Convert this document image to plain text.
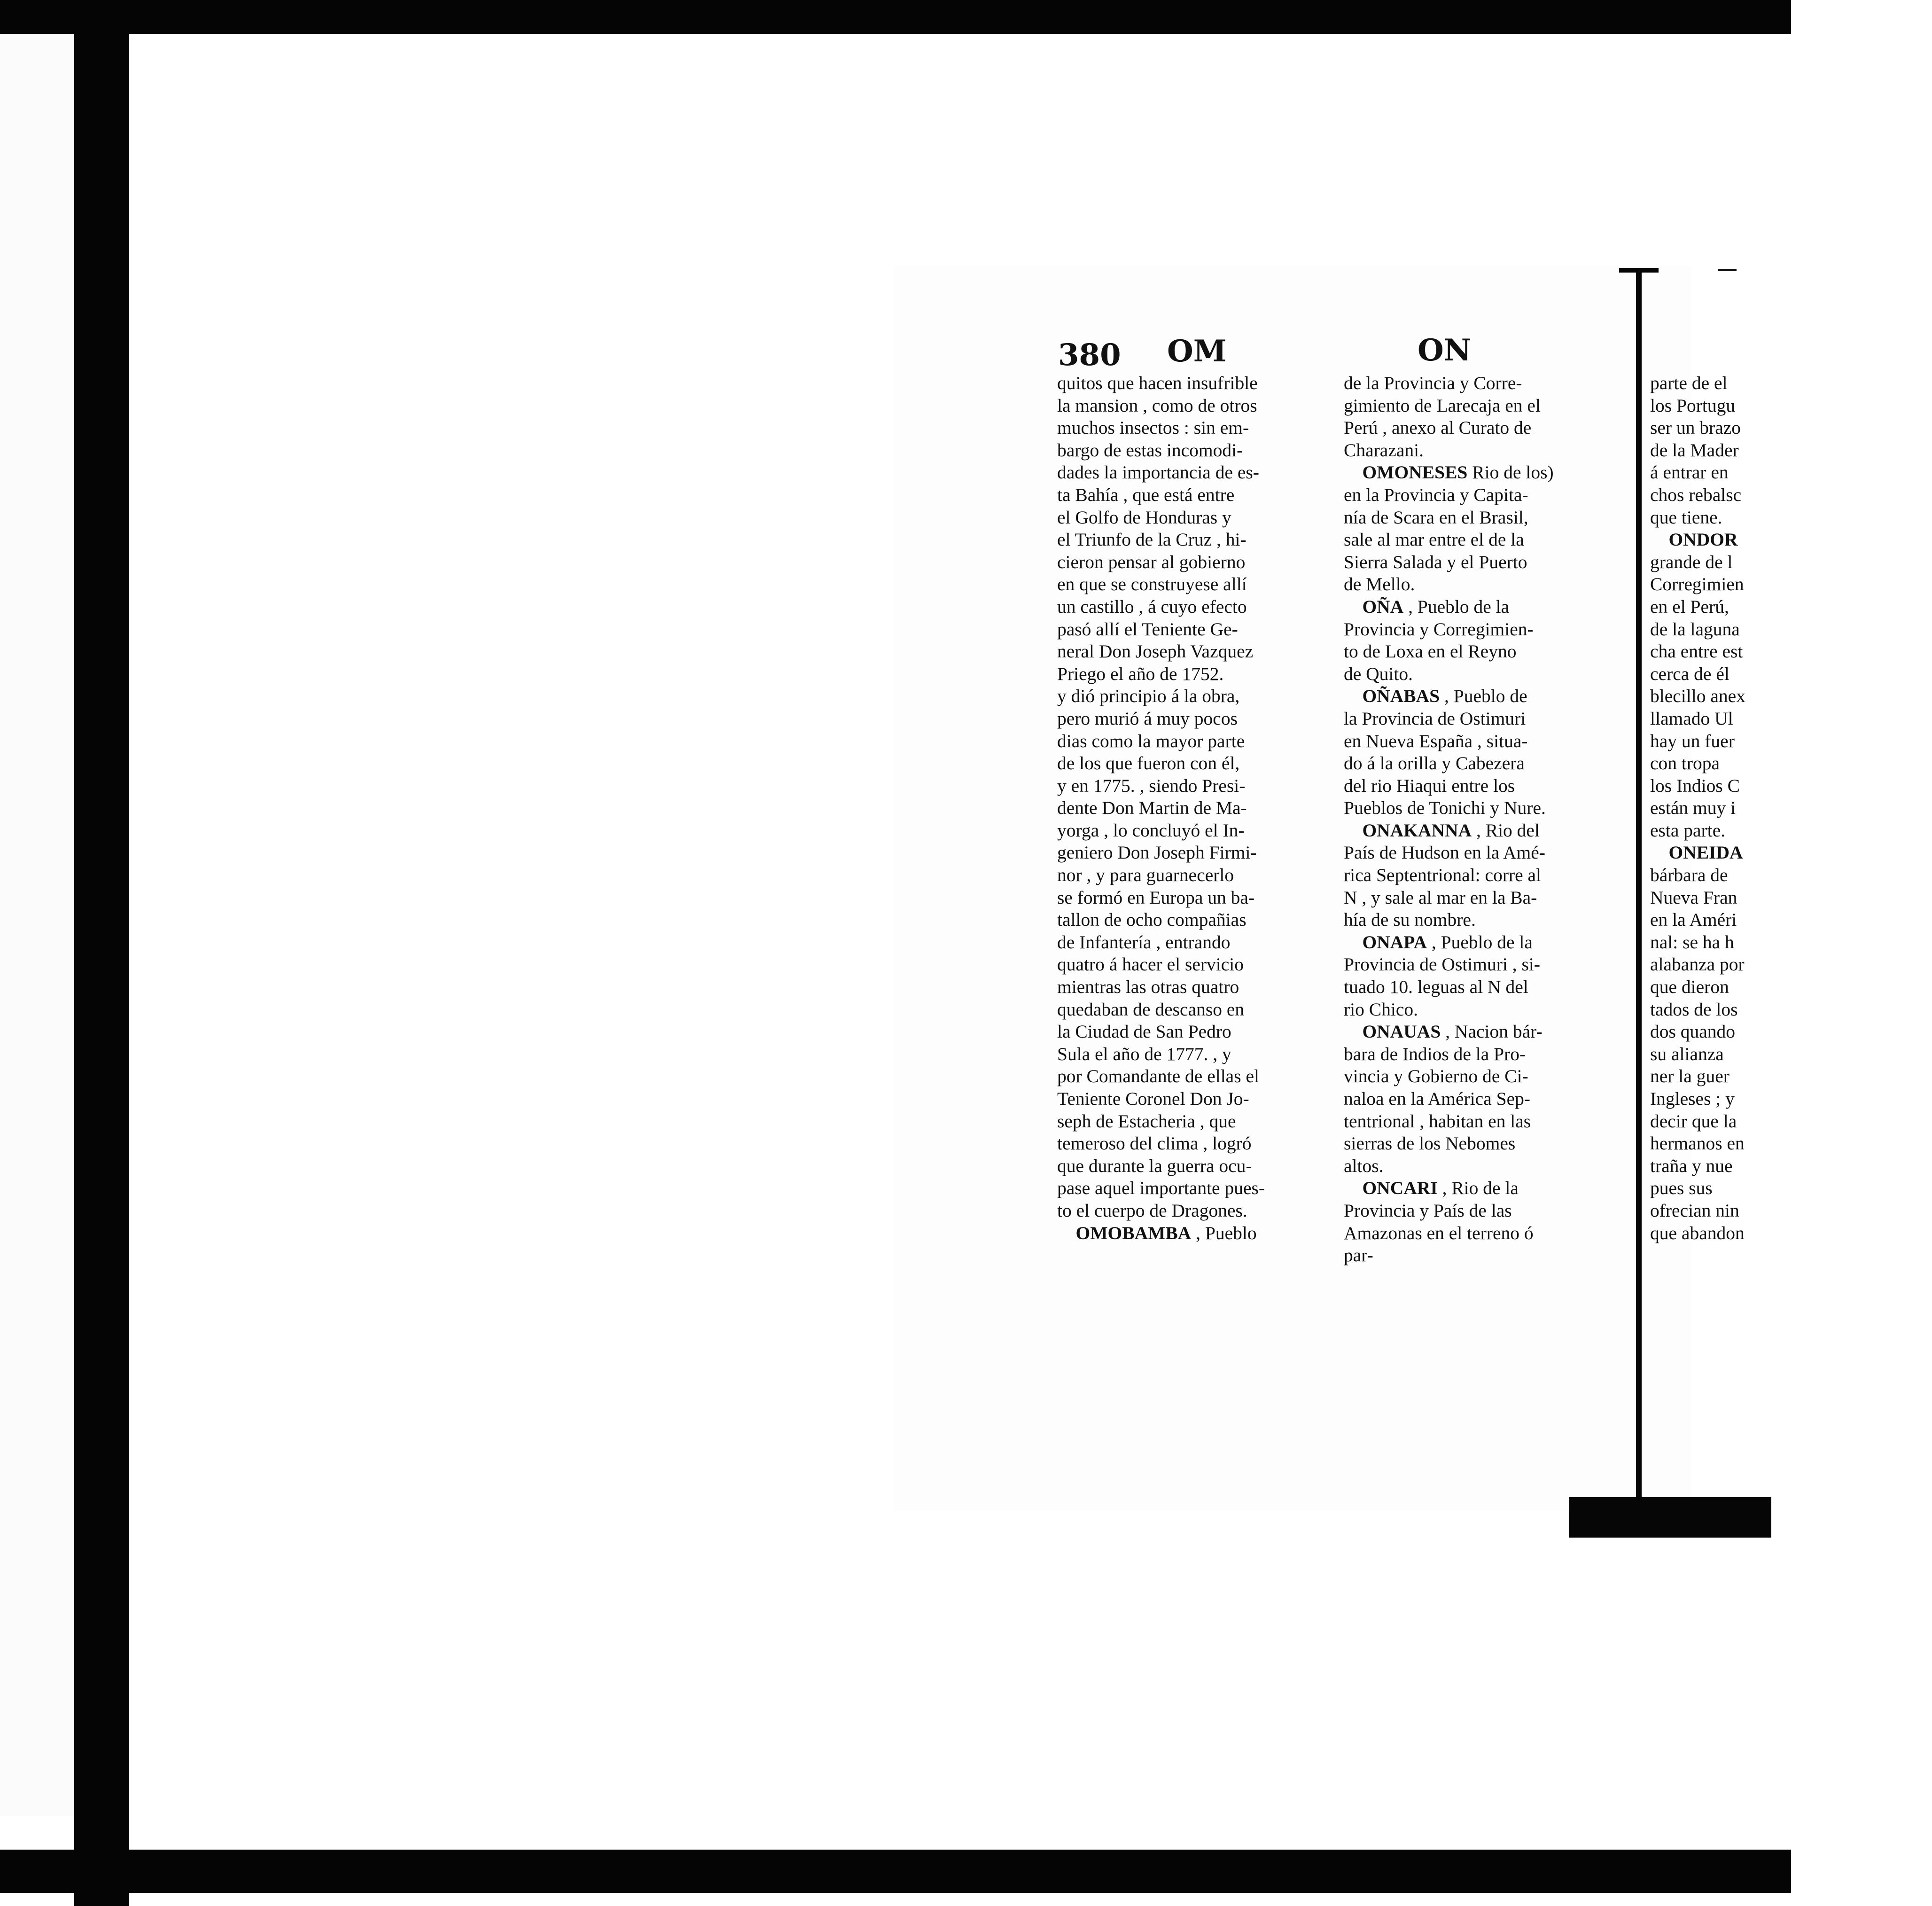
380 OM	ON

quitos que hacen insufrible
la mansion , como de otros
muchos insectos : sin em-
bargo de estas incomodi-
dades la importancia de es-
ta Bahía , que está entre
el Golfo de Honduras y
el Triunfo de la Cruz , hi-
cieron pensar al gobierno
en que se construyese allí
un castillo , á cuyo efecto
pasó allí el Teniente Ge-
neral Don Joseph Vazquez
Priego el año de 1752.
y dió principio á la obra,
pero murió á muy pocos
dias como la mayor parte
de los que fueron con él,
y en 1775. , siendo Presi-
dente Don Martin de Ma-
yorga , lo concluyó el In-
geniero Don Joseph Firmi-
nor , y para guarnecerlo
se formó en Europa un ba-
tallon de ocho compañias
de Infantería , entrando
quatro á hacer el servicio
mientras las otras quatro
quedaban de descanso en
la Ciudad de San Pedro
Sula el año de 1777. , y
por Comandante de ellas el
Teniente Coronel Don Jo-
seph de Estacheria , que
temeroso del clima , logró
que durante la guerra ocu-
pase aquel importante pues-
to el cuerpo de Dragones.

 OMOBAMBA , Pueblo

de la Provincia y Corre-
gimiento de Larecaja en el
Perú , anexo al Curato de
Charazani.

 OMONESES Rio de los)
en la Provincia y Capita-
nía de Scara en el Brasil,
sale al mar entre el de la
Sierra Salada y el Puerto
de Mello.

 OÑA , Pueblo de la
Provincia y Corregimien-
to de Loxa en el Reyno
de Quito.

 OÑABAS , Pueblo de
la Provincia de Ostimuri
en Nueva España , situa-
do á la orilla y Cabezera
del rio Hiaqui entre los
Pueblos de Tonichi y Nure.

 ONAKANNA , Rio del
País de Hudson en la Amé-
rica Septentrional: corre al
N , y sale al mar en la Ba-
hía de su nombre.

 ONAPA , Pueblo de la
Provincia de Ostimuri , si-
tuado 10. leguas al N del
rio Chico.

 ONAUAS , Nacion bár-
bara de Indios de la Pro-
vincia y Gobierno de Ci-
naloa en la América Sep-
tentrional , habitan en las
sierras de los Nebomes
altos.

 ONCARI , Rio de la
Provincia y País de las
Amazonas en el terreno ó
par-

parte de el
los Portugu
ser un brazo
de la Mader
á entrar en
chos rebalsc
que tiene.

 ONDOR
grande de l
Corregimien
en el Perú,
de la laguna
cha entre est
cerca de él
blecillo anex
llamado Ul
hay un fuer
con tropa
los Indios C
están muy i
esta parte.

 ONEIDA
bárbara de
Nueva Fran
en la Améri
nal: se ha h
alabanza por
que dieron
tados de los
dos quando
su alianza
ner la guer
Ingleses ; y
decir que la
hermanos en
traña y nue
pues sus
ofrecian nin
que abandon
